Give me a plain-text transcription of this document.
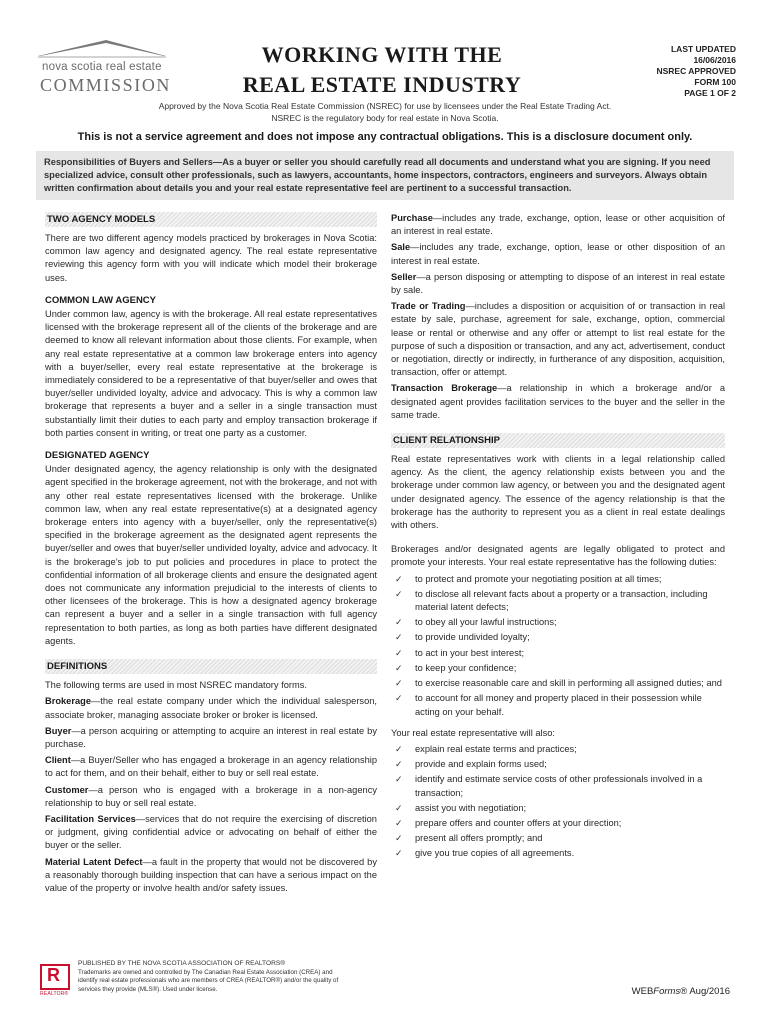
nova scotia real estate
COMMISSION
WORKING WITH THE
REAL ESTATE INDUSTRY
LAST UPDATED
16/06/2016
NSREC APPROVED
FORM 100
PAGE 1 OF 2
Approved by the Nova Scotia Real Estate Commission (NSREC) for use by licensees under the Real Estate Trading Act.
NSREC is the regulatory body for real estate in Nova Scotia.
This is not a service agreement and does not impose any contractual obligations. This is a disclosure document only.
Responsibilities of Buyers and Sellers—As a buyer or seller you should carefully read all documents and understand what you are signing. If you need specialized advice, consult other professionals, such as lawyers, accountants, home inspectors, contractors, engineers and surveyors. Always obtain written confirmation about details you and your real estate representative feel are pertinent to a successful transaction.
TWO AGENCY MODELS

There are two different agency models practiced by brokerages in Nova Scotia: common law agency and designated agency. The real estate representative reviewing this agency form with you will indicate which model their brokerage uses.

COMMON LAW AGENCY

Under common law, agency is with the brokerage. All real estate representatives licensed with the brokerage represent all of the clients of the brokerage and are deemed to know all relevant information about those clients. For example, when any real estate representative at a common law brokerage enters into agency with a buyer/seller, every real estate representative at the brokerage is immediately considered to be a representative of that buyer/seller and owes that buyer/seller undivided loyalty, advice and advocacy. This is why a common law brokerage that represents a buyer and a seller in a single transaction must substantially limit their duties to each party and employ transaction brokerage if both parties consent in writing, or treat one party as a customer.

DESIGNATED AGENCY

Under designated agency, the agency relationship is only with the designated agent specified in the brokerage agreement, not with the brokerage, and not with any other real estate representatives licensed with the brokerage. Unlike common law, when any real estate representative(s) at a designated agency brokerage enters into agency with a buyer/seller, only the representative(s) specified in the brokerage agreement as the designated agent represents the buyer/seller and owes that buyer/seller undivided loyalty, advice and advocacy. It is the brokerage’s job to put policies and procedures in place to protect the confidential information of all brokerage clients and ensure the designated agent does not communicate any information prejudicial to the interests of clients to other licensees of the brokerage. This is how a designated agency brokerage can represent a buyer and a seller in a single transaction with full agency representation to both parties, as long as both parties have different designated agents.

DEFINITIONS

The following terms are used in most NSREC mandatory forms.

Brokerage—the real estate company under which the individual salesperson, associate broker, managing associate broker or broker is licensed.

Buyer—a person acquiring or attempting to acquire an interest in real estate by purchase.

Client—a Buyer/Seller who has engaged a brokerage in an agency relationship to act for them, and on their behalf, either to buy or sell real estate.

Customer—a person who is engaged with a brokerage in a non-agency relationship to buy or sell real estate.

Facilitation Services—services that do not require the exercising of discretion or judgment, giving confidential advice or advocating on behalf of either the buyer or the seller.

Material Latent Defect—a fault in the property that would not be discovered by a reasonably thorough building inspection that can have a serious impact on the value of the property or involve health and/or safety issues.

Purchase—includes any trade, exchange, option, lease or other acquisition of an interest in real estate.

Sale—includes any trade, exchange, option, lease or other disposition of an interest in real estate.

Seller—a person disposing or attempting to dispose of an interest in real estate by sale.

Trade or Trading—includes a disposition or acquisition of or transaction in real estate by sale, purchase, agreement for sale, exchange, option, commercial lease or rental or otherwise and any offer or attempt to list real estate for the purpose of such a disposition or transaction, and any act, advertisement, conduct or negotiation, directly or indirectly, in furtherance of any disposition, acquisition, transaction, offer or attempt.

Transaction Brokerage—a relationship in which a brokerage and/or a designated agent provides facilitation services to the buyer and the seller in the same trade.

CLIENT RELATIONSHIP

Real estate representatives work with clients in a legal relationship called agency. As the client, the agency relationship exists between you and the brokerage under common law agency, or between you and the designated agent under designated agency. The essence of the agency relationship is that the brokerage has the authority to represent you as a client in real estate dealings with others.

Brokerages and/or designated agents are legally obligated to protect and promote your interests. Your real estate representative has the following duties:

✓ to protect and promote your negotiating position at all times;
✓ to disclose all relevant facts about a property or a transaction, including material latent defects;
✓ to obey all your lawful instructions;
✓ to provide undivided loyalty;
✓ to act in your best interest;
✓ to keep your confidence;
✓ to exercise reasonable care and skill in performing all assigned duties; and
✓ to account for all money and property placed in their possession while acting on your behalf.

Your real estate representative will also:

✓ explain real estate terms and practices;
✓ provide and explain forms used;
✓ identify and estimate service costs of other professionals involved in a transaction;
✓ assist you with negotiation;
✓ prepare offers and counter offers at your direction;
✓ present all offers promptly; and
✓ give you true copies of all agreements.
R
REALTOR®
PUBLISHED BY THE NOVA SCOTIA ASSOCIATION OF REALTORS®
Trademarks are owned and controlled by The Canadian Real Estate Association (CREA) and
identify real estate professionals who are members of CREA (REALTOR®) and/or the quality of
services they provide (MLS®). Used under license.	WEBForms® Aug/2016
